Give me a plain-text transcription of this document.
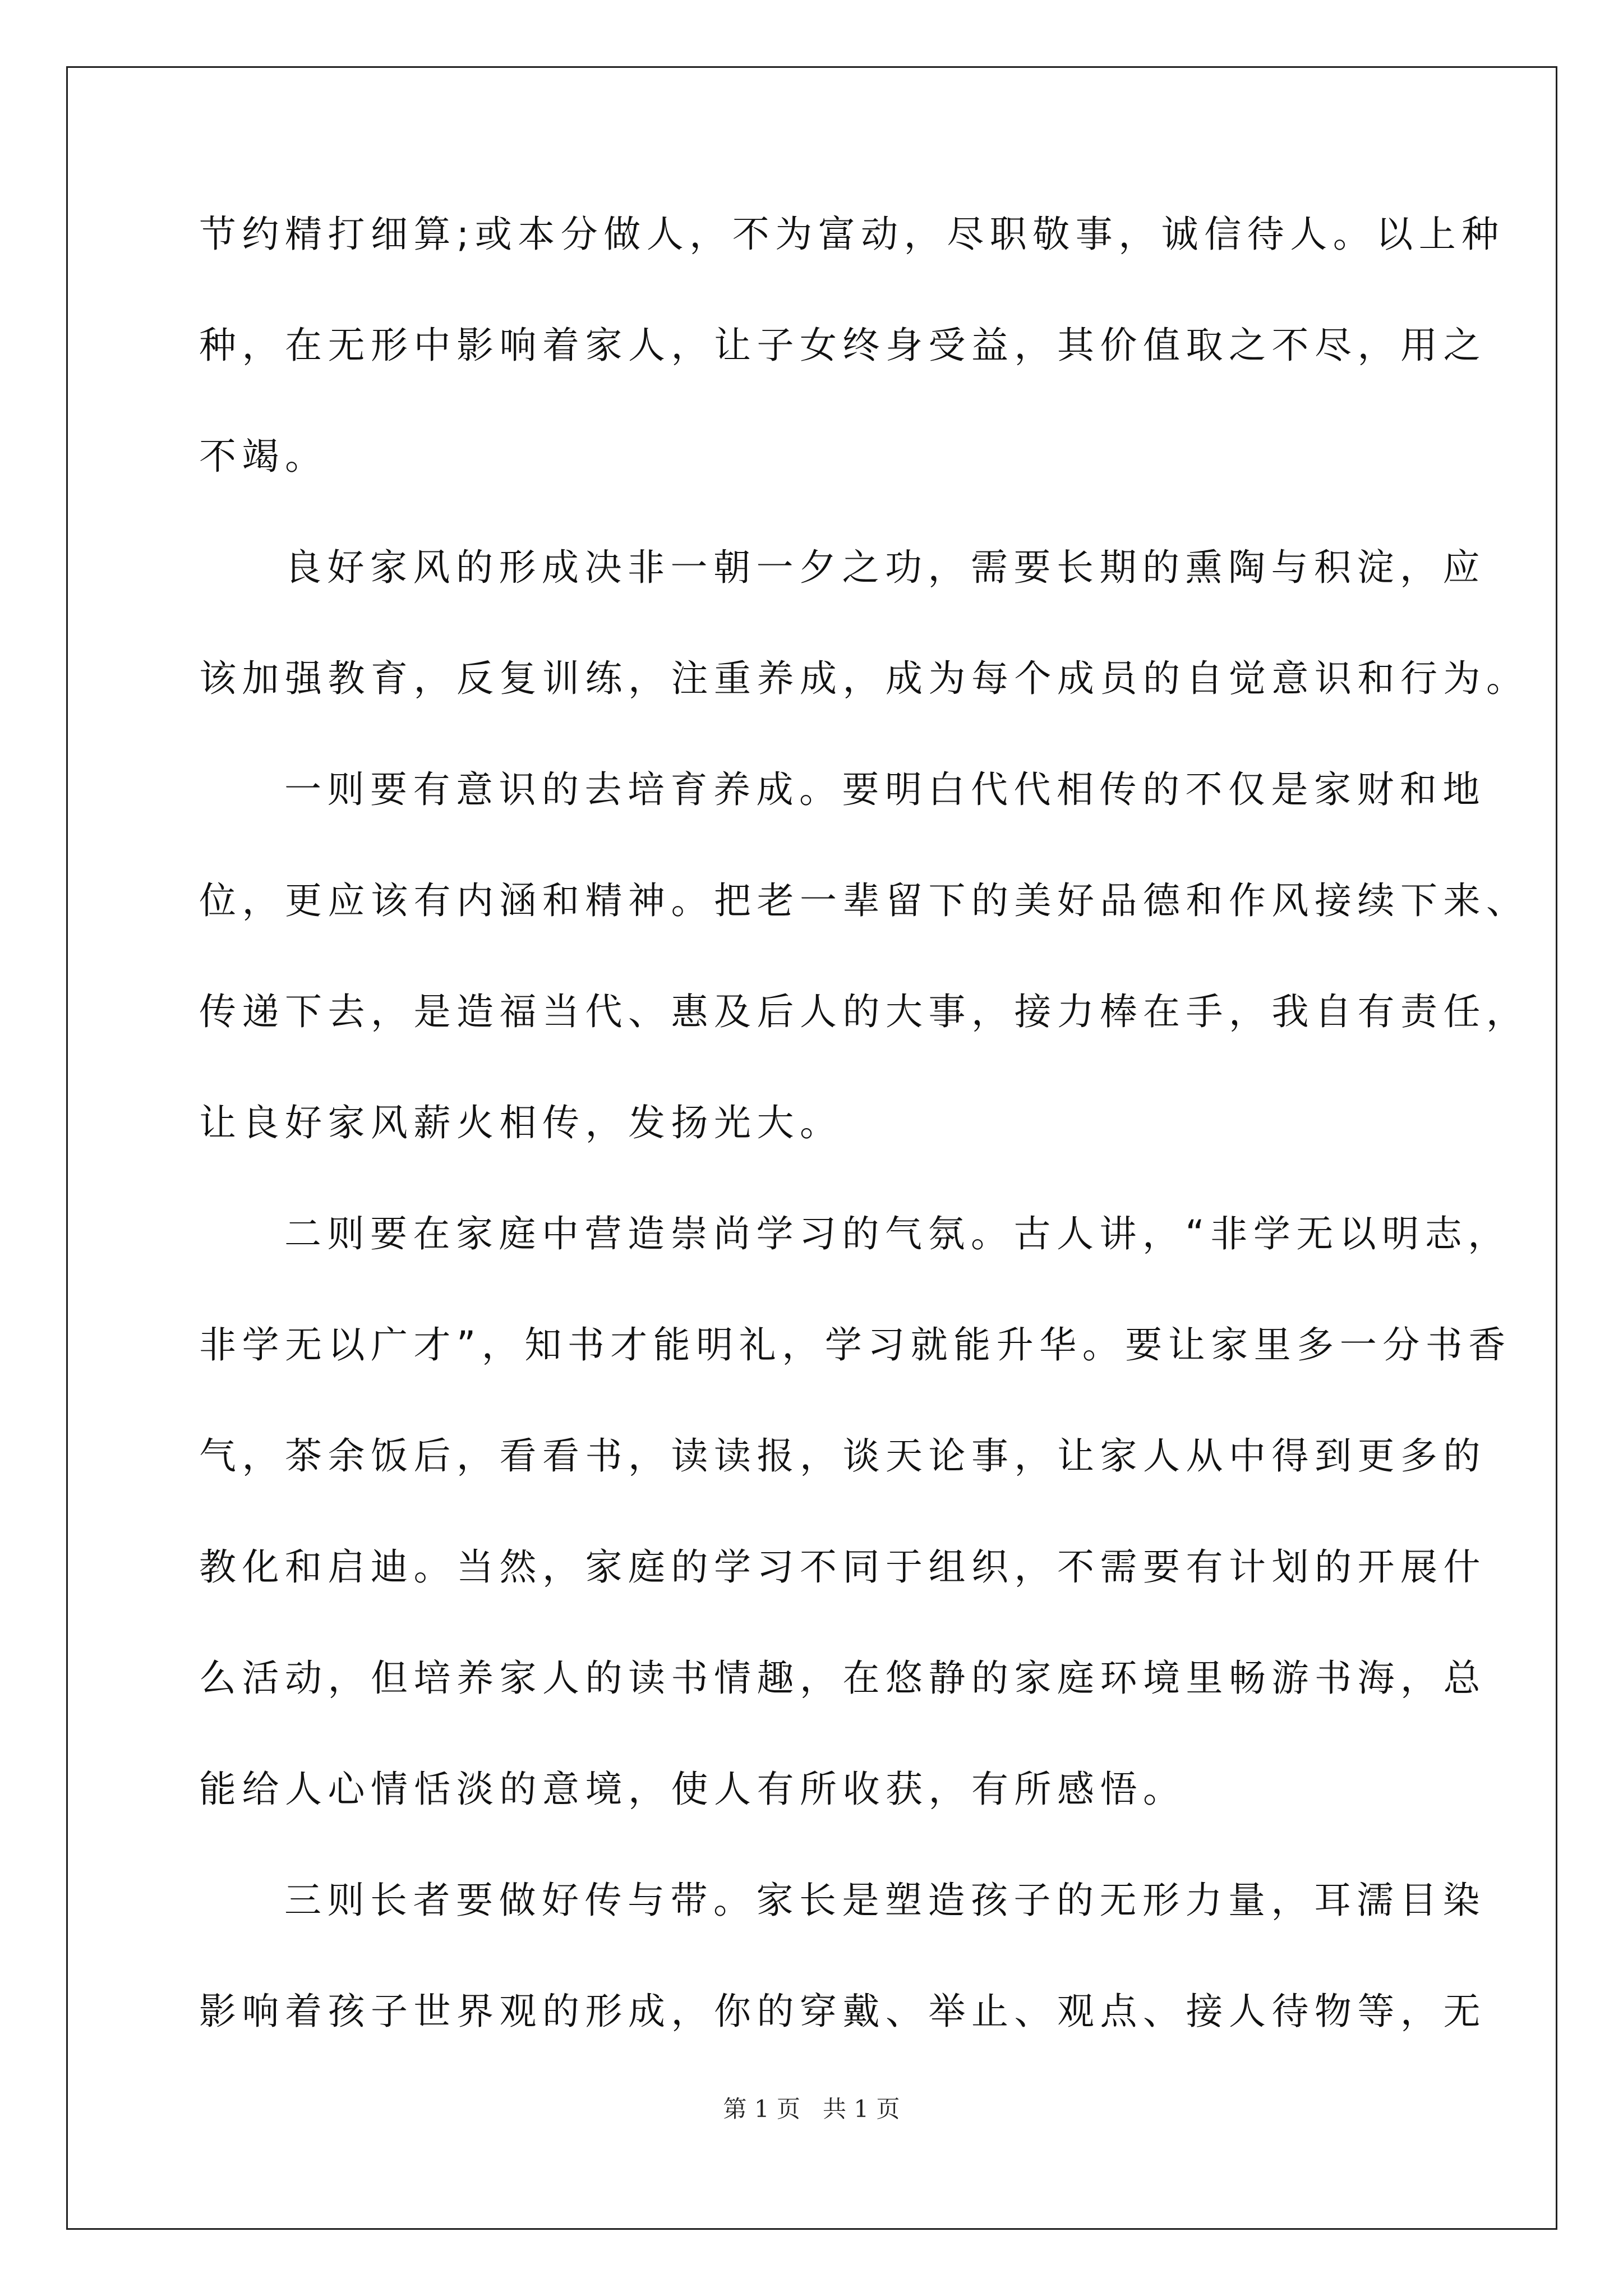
节约精打细算;或本分做人，不为富动，尽职敬事，诚信待人。以上种

种，在无形中影响着家人，让子女终身受益，其价值取之不尽，用之

不竭。

良好家风的形成决非一朝一夕之功，需要长期的熏陶与积淀，应

该加强教育，反复训练，注重养成，成为每个成员的自觉意识和行为。

一则要有意识的去培育养成。要明白代代相传的不仅是家财和地

位，更应该有内涵和精神。把老一辈留下的美好品德和作风接续下来、

传递下去，是造福当代、惠及后人的大事，接力棒在手，我自有责任，

让良好家风薪火相传，发扬光大。

二则要在家庭中营造崇尚学习的气氛。古人讲，“非学无以明志，

非学无以广才”，知书才能明礼，学习就能升华。要让家里多一分书香

气，茶余饭后，看看书，读读报，谈天论事，让家人从中得到更多的

教化和启迪。当然，家庭的学习不同于组织，不需要有计划的开展什

么活动，但培养家人的读书情趣，在悠静的家庭环境里畅游书海，总

能给人心情恬淡的意境，使人有所收获，有所感悟。

三则长者要做好传与带。家长是塑造孩子的无形力量，耳濡目染

影响着孩子世界观的形成，你的穿戴、举止、观点、接人待物等，无

第 1 页   共 1 页
